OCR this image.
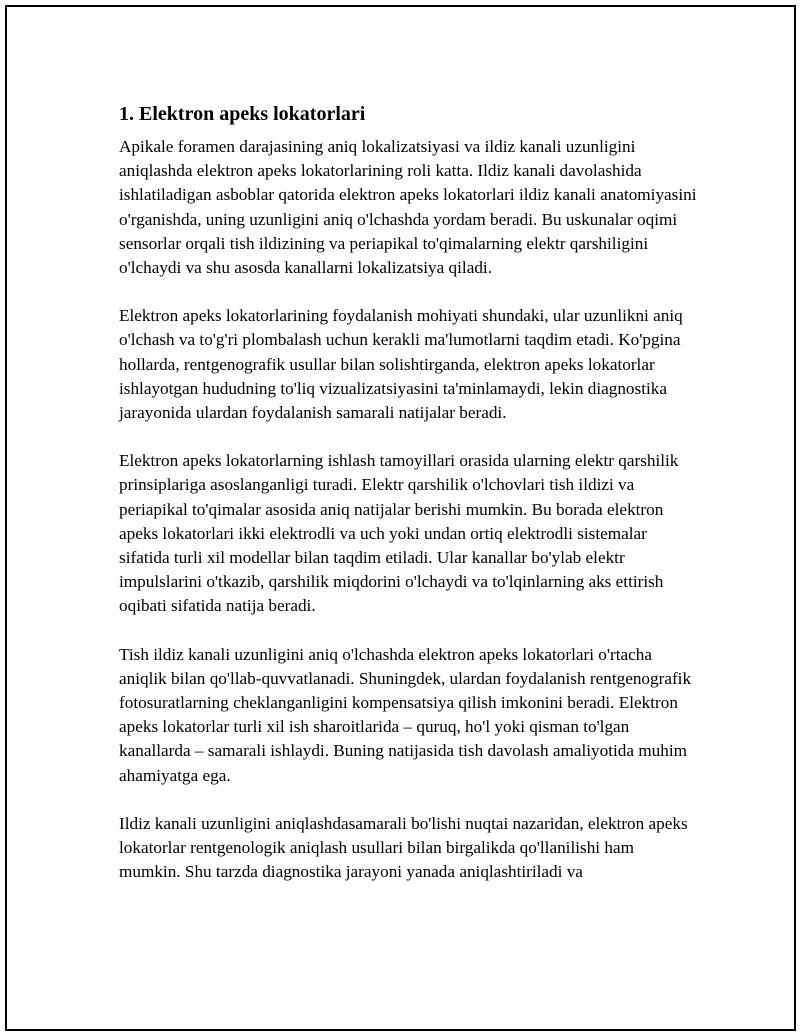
1. Elektron apeks lokatorlari

Apikale foramen darajasining aniq lokalizatsiyasi va ildiz kanali uzunligini aniqlashda elektron apeks lokatorlarining roli katta. Ildiz kanali davolashida ishlatiladigan asboblar qatorida elektron apeks lokatorlari ildiz kanali anatomiyasini o'rganishda, uning uzunligini aniq o'lchashda yordam beradi. Bu uskunalar oqimi sensorlar orqali tish ildizining va periapikal to'qimalarning elektr qarshiligini o'lchaydi va shu asosda kanallarni lokalizatsiya qiladi.

Elektron apeks lokatorlarining foydalanish mohiyati shundaki, ular uzunlikni aniq o'lchash va to'g'ri plombalash uchun kerakli ma'lumotlarni taqdim etadi. Ko'pgina hollarda, rentgenografik usullar bilan solishtirganda, elektron apeks lokatorlar ishlayotgan hududning to'liq vizualizatsiyasini ta'minlamaydi, lekin diagnostika jarayonida ulardan foydalanish samarali natijalar beradi.

Elektron apeks lokatorlarning ishlash tamoyillari orasida ularning elektr qarshilik prinsiplariga asoslanganligi turadi. Elektr qarshilik o'lchovlari tish ildizi va periapikal to'qimalar asosida aniq natijalar berishi mumkin. Bu borada elektron apeks lokatorlari ikki elektrodli va uch yoki undan ortiq elektrodli sistemalar sifatida turli xil modellar bilan taqdim etiladi. Ular kanallar bo'ylab elektr impulslarini o'tkazib, qarshilik miqdorini o'lchaydi va to'lqinlarning aks ettirish oqibati sifatida natija beradi.

Tish ildiz kanali uzunligini aniq o'lchashda elektron apeks lokatorlari o'rtacha aniqlik bilan qo'llab-quvvatlanadi. Shuningdek, ulardan foydalanish rentgenografik fotosuratlarning cheklanganligini kompensatsiya qilish imkonini beradi. Elektron apeks lokatorlar turli xil ish sharoitlarida – quruq, ho'l yoki qisman to'lgan kanallarda – samarali ishlaydi. Buning natijasida tish davolash amaliyotida muhim ahamiyatga ega.

Ildiz kanali uzunligini aniqlashdasamarali bo'lishi nuqtai nazaridan, elektron apeks lokatorlar rentgenologik aniqlash usullari bilan birgalikda qo'llanilishi ham mumkin. Shu tarzda diagnostika jarayoni yanada aniqlashtiriladi va
